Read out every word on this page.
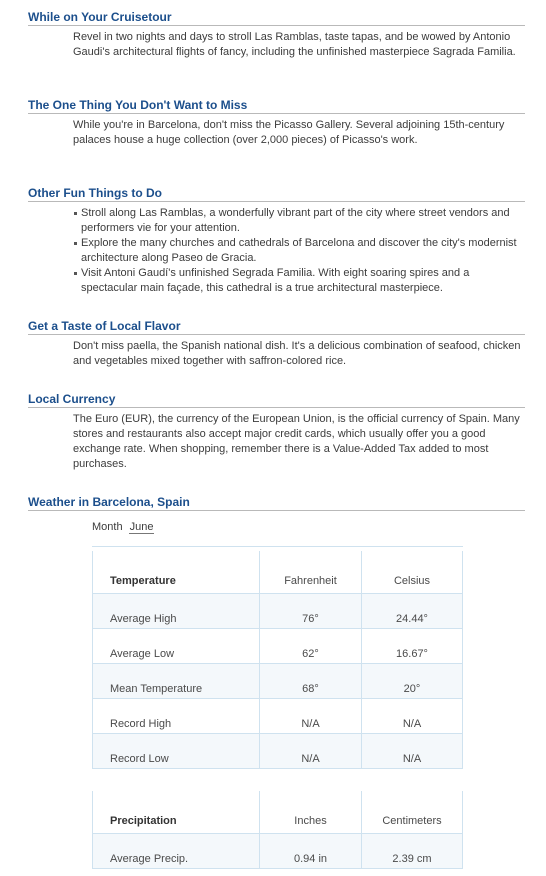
While on Your Cruisetour
Revel in two nights and days to stroll Las Ramblas, taste tapas, and be wowed by Antonio Gaudi's architectural flights of fancy, including the unfinished masterpiece Sagrada Familia.
The One Thing You Don't Want to Miss
While you're in Barcelona, don't miss the Picasso Gallery. Several adjoining 15th-century palaces house a huge collection (over 2,000 pieces) of Picasso's work.
Other Fun Things to Do
Stroll along Las Ramblas, a wonderfully vibrant part of the city where street vendors and performers vie for your attention.
Explore the many churches and cathedrals of Barcelona and discover the city's modernist architecture along Paseo de Gracia.
Visit Antoni Gaudí's unfinished Segrada Familia. With eight soaring spires and a spectacular main façade, this cathedral is a true architectural masterpiece.
Get a Taste of Local Flavor
Don't miss paella, the Spanish national dish. It's a delicious combination of seafood, chicken and vegetables mixed together with saffron-colored rice.
Local Currency
The Euro (EUR), the currency of the European Union, is the official currency of Spain. Many stores and restaurants also accept major credit cards, which usually offer you a good exchange rate. When shopping, remember there is a Value-Added Tax added to most purchases.
Weather in Barcelona, Spain
Month June
Temperature	Fahrenheit	Celsius
Average High	76°	24.44°
Average Low	62°	16.67°
Mean Temperature	68°	20°
Record High	N/A	N/A
Record Low	N/A	N/A
Precipitation	Inches	Centimeters
Average Precip.	0.94 in	2.39 cm
